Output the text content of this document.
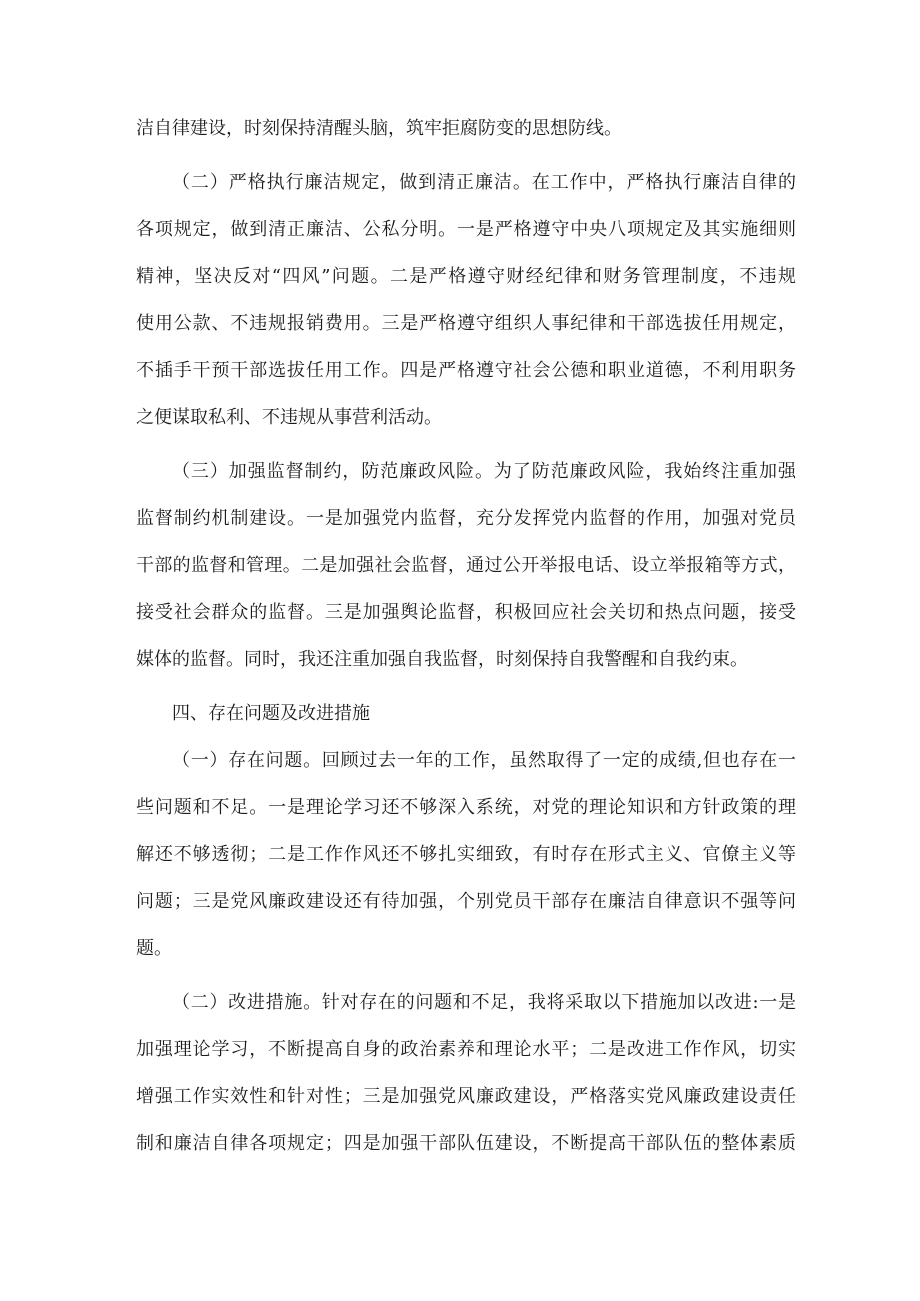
洁自律建设，时刻保持清醒头脑，筑牢拒腐防变的思想防线。
（二）严格执行廉洁规定，做到清正廉洁。在工作中，严格执行廉洁自律的
各项规定，做到清正廉洁、公私分明。一是严格遵守中央八项规定及其实施细则
精神，坚决反对“四风”问题。二是严格遵守财经纪律和财务管理制度，不违规
使用公款、不违规报销费用。三是严格遵守组织人事纪律和干部选拔任用规定，
不插手干预干部选拔任用工作。四是严格遵守社会公德和职业道德，不利用职务
之便谋取私利、不违规从事营利活动。
（三）加强监督制约，防范廉政风险。为了防范廉政风险，我始终注重加强
监督制约机制建设。一是加强党内监督，充分发挥党内监督的作用，加强对党员
干部的监督和管理。二是加强社会监督，通过公开举报电话、设立举报箱等方式，
接受社会群众的监督。三是加强舆论监督，积极回应社会关切和热点问题，接受
媒体的监督。同时，我还注重加强自我监督，时刻保持自我警醒和自我约束。
四、存在问题及改进措施
（一）存在问题。回顾过去一年的工作，虽然取得了一定的成绩,但也存在一
些问题和不足。一是理论学习还不够深入系统，对党的理论知识和方针政策的理
解还不够透彻；二是工作作风还不够扎实细致，有时存在形式主义、官僚主义等
问题；三是党风廉政建设还有待加强，个别党员干部存在廉洁自律意识不强等问
题。
（二）改进措施。针对存在的问题和不足，我将采取以下措施加以改进:一是
加强理论学习，不断提高自身的政治素养和理论水平；二是改进工作作风，切实
增强工作实效性和针对性；三是加强党风廉政建设，严格落实党风廉政建设责任
制和廉洁自律各项规定；四是加强干部队伍建设，不断提高干部队伍的整体素质
